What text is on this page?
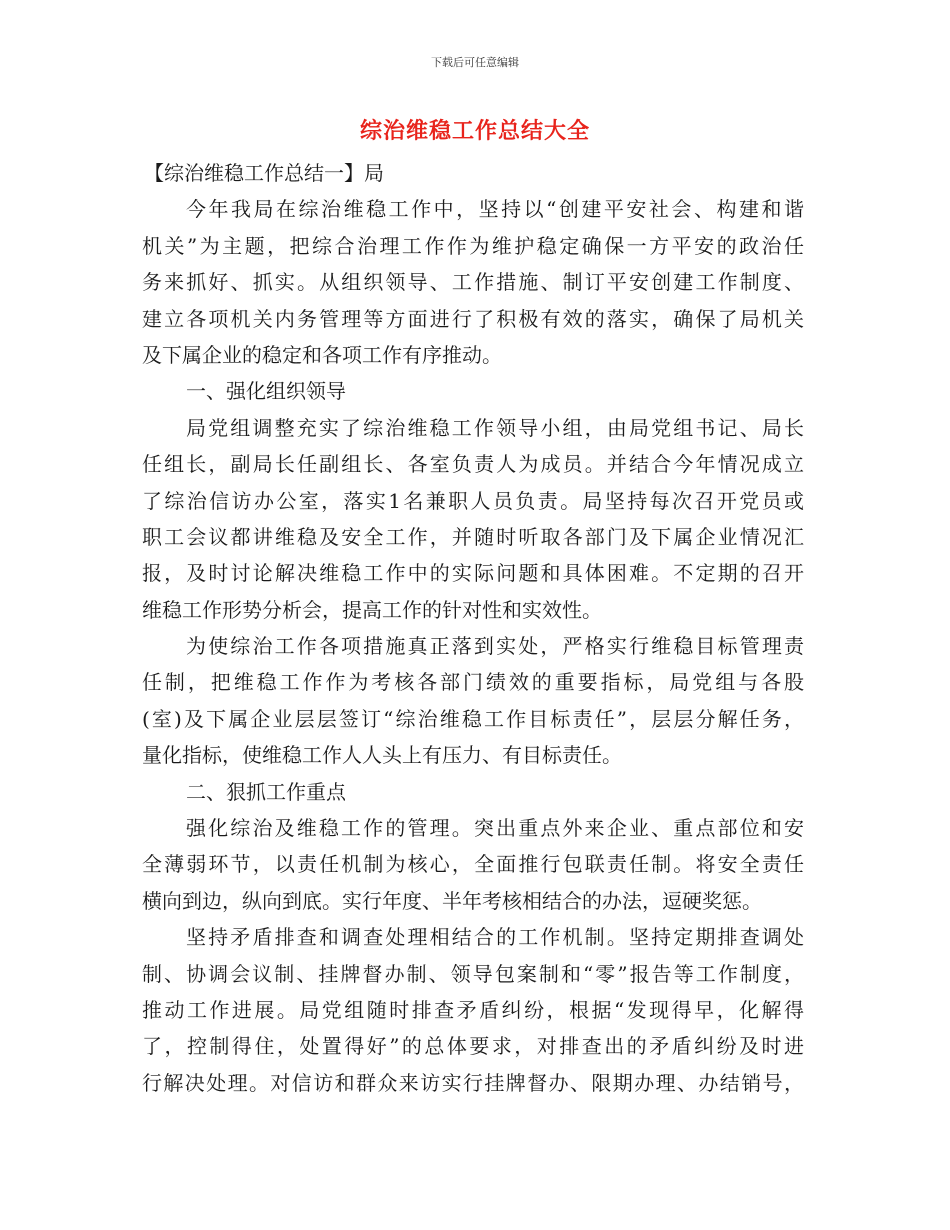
下载后可任意编辑
综治维稳工作总结大全
【综治维稳工作总结一】局
今年我局在综治维稳工作中，坚持以“创建平安社会、构建和谐
机关”为主题，把综合治理工作作为维护稳定确保一方平安的政治任
务来抓好、抓实。从组织领导、工作措施、制订平安创建工作制度、
建立各项机关内务管理等方面进行了积极有效的落实，确保了局机关
及下属企业的稳定和各项工作有序推动。
一、强化组织领导
局党组调整充实了综治维稳工作领导小组，由局党组书记、局长
任组长，副局长任副组长、各室负责人为成员。并结合今年情况成立
了综治信访办公室，落实1名兼职人员负责。局坚持每次召开党员或
职工会议都讲维稳及安全工作，并随时听取各部门及下属企业情况汇
报，及时讨论解决维稳工作中的实际问题和具体困难。不定期的召开
维稳工作形势分析会，提高工作的针对性和实效性。
为使综治工作各项措施真正落到实处，严格实行维稳目标管理责
任制，把维稳工作作为考核各部门绩效的重要指标，局党组与各股
(室)及下属企业层层签订“综治维稳工作目标责任”，层层分解任务，
量化指标，使维稳工作人人头上有压力、有目标责任。
二、狠抓工作重点
强化综治及维稳工作的管理。突出重点外来企业、重点部位和安
全薄弱环节，以责任机制为核心，全面推行包联责任制。将安全责任
横向到边，纵向到底。实行年度、半年考核相结合的办法，逗硬奖惩。
坚持矛盾排查和调查处理相结合的工作机制。坚持定期排查调处
制、协调会议制、挂牌督办制、领导包案制和“零”报告等工作制度，
推动工作进展。局党组随时排查矛盾纠纷，根据“发现得早，化解得
了，控制得住，处置得好”的总体要求，对排查出的矛盾纠纷及时进
行解决处理。对信访和群众来访实行挂牌督办、限期办理、办结销号，
